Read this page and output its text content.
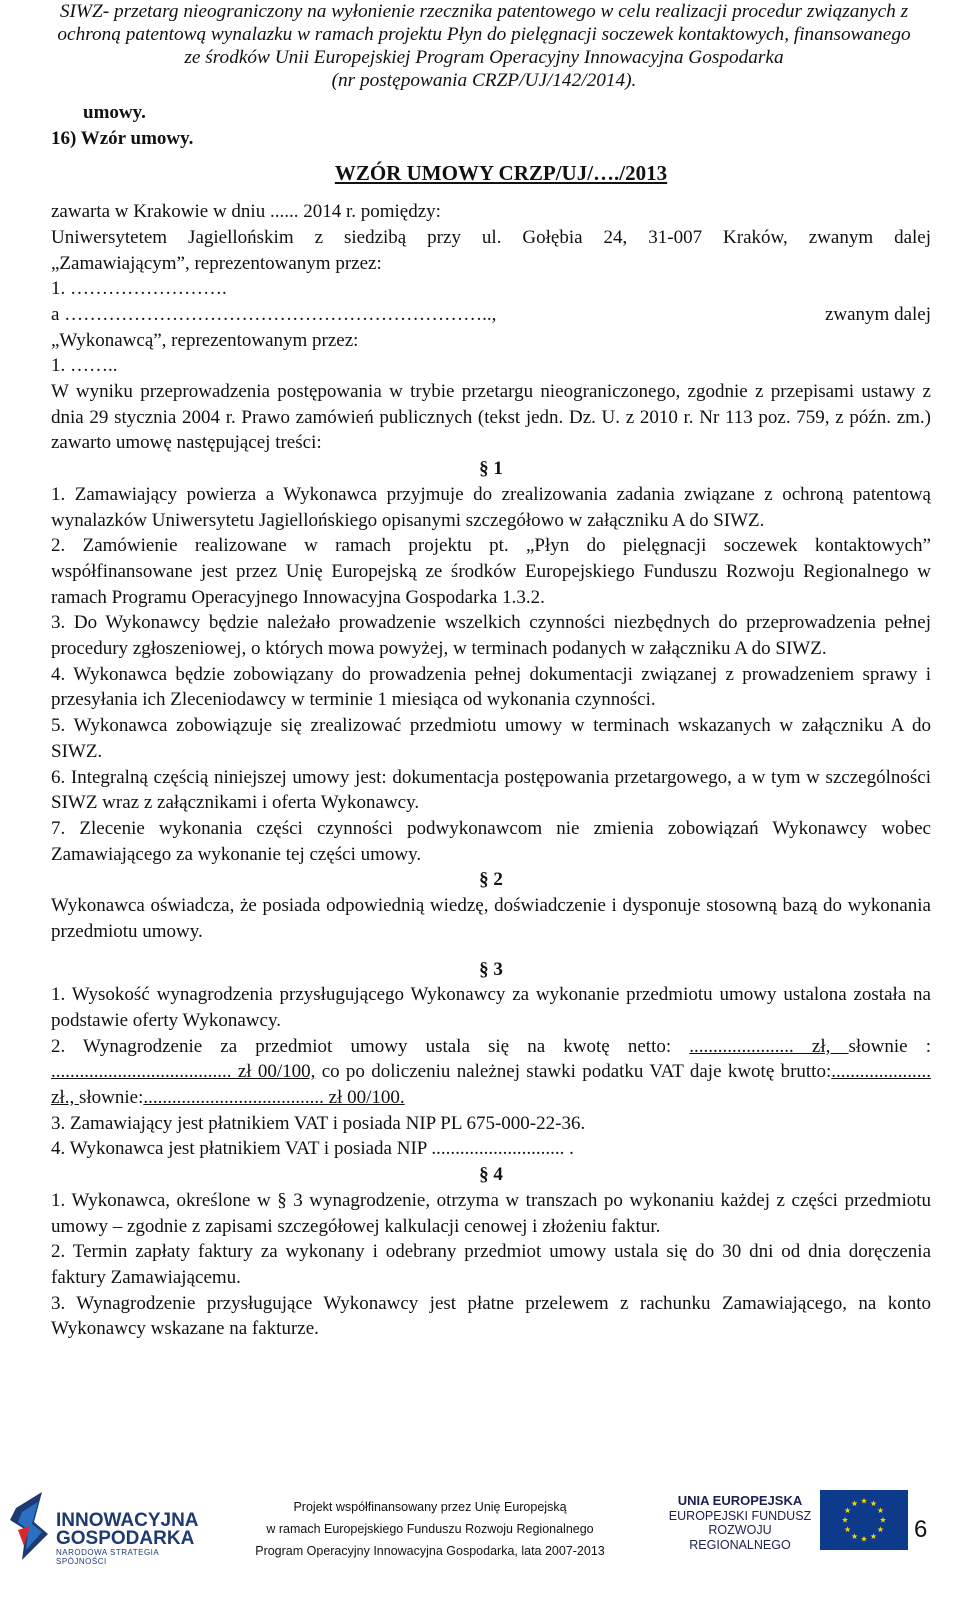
SIWZ- przetarg nieograniczony na wyłonienie rzecznika patentowego w celu realizacji procedur związanych z
ochroną patentową wynalazku w ramach projektu Płyn do pielęgnacji soczewek kontaktowych, finansowanego
ze środków Unii Europejskiej Program Operacyjny Innowacyjna Gospodarka
(nr postępowania CRZP/UJ/142/2014).

umowy.

16) Wzór umowy.

WZÓR UMOWY CRZP/UJ/…./2013

zawarta w Krakowie w dniu ...... 2014 r. pomiędzy:

Uniwersytetem Jagiellońskim z siedzibą przy ul. Gołębia 24, 31-007 Kraków, zwanym dalej

„Zamawiającym”, reprezentowanym przez:

1. …………………….

a …………………………………………………………..,	zwanym dalej

„Wykonawcą”, reprezentowanym przez:

1. ……..

W wyniku przeprowadzenia postępowania w trybie przetargu nieograniczonego, zgodnie z przepisami ustawy z dnia 29 stycznia 2004 r. Prawo zamówień publicznych (tekst jedn. Dz. U. z 2010 r. Nr 113 poz. 759, z późn. zm.) zawarto umowę następującej treści:

§ 1

1. Zamawiający powierza a Wykonawca przyjmuje do zrealizowania zadania związane z ochroną patentową wynalazków Uniwersytetu Jagiellońskiego opisanymi szczegółowo w załączniku A do SIWZ.

2. Zamówienie realizowane w ramach projektu pt. „Płyn do pielęgnacji soczewek kontaktowych” współfinansowane jest przez Unię Europejską ze środków Europejskiego Funduszu Rozwoju Regionalnego w ramach Programu Operacyjnego Innowacyjna Gospodarka 1.3.2.

3. Do Wykonawcy będzie należało prowadzenie wszelkich czynności niezbędnych do przeprowadzenia pełnej procedury zgłoszeniowej, o których mowa powyżej, w terminach podanych w załączniku A do SIWZ.

4. Wykonawca będzie zobowiązany do prowadzenia pełnej dokumentacji związanej z prowadzeniem sprawy i przesyłania ich Zleceniodawcy w terminie 1 miesiąca od wykonania czynności.

5. Wykonawca zobowiązuje się zrealizować przedmiotu umowy w terminach wskazanych w załączniku A do SIWZ.

6. Integralną częścią niniejszej umowy jest: dokumentacja postępowania przetargowego, a w tym w szczególności SIWZ wraz z załącznikami i oferta Wykonawcy.

7. Zlecenie wykonania części czynności podwykonawcom nie zmienia zobowiązań Wykonawcy wobec Zamawiającego za wykonanie tej części umowy.

§ 2

Wykonawca oświadcza, że posiada odpowiednią wiedzę, doświadczenie i dysponuje stosowną bazą do wykonania przedmiotu umowy.

§ 3

1. Wysokość wynagrodzenia przysługującego Wykonawcy za wykonanie przedmiotu umowy ustalona została na podstawie oferty Wykonawcy.

2. Wynagrodzenie za przedmiot umowy ustala się na kwotę netto: ...................... zł, słownie : ...................................... zł 00/100, co po doliczeniu należnej stawki podatku VAT daje kwotę brutto:..................... zł., słownie:...................................... zł 00/100.

3. Zamawiający jest płatnikiem VAT i posiada NIP PL 675-000-22-36.

4. Wykonawca jest płatnikiem VAT i posiada NIP ............................ .

§ 4

1. Wykonawca, określone w § 3 wynagrodzenie, otrzyma w transzach po wykonaniu każdej z części przedmiotu umowy – zgodnie z zapisami szczegółowej kalkulacji cenowej i złożeniu faktur.

2. Termin zapłaty faktury za wykonany i odebrany przedmiot umowy ustala się do 30 dni od dnia doręczenia faktury Zamawiającemu.

3. Wynagrodzenie przysługujące Wykonawcy jest płatne przelewem z rachunku Zamawiającego, na konto Wykonawcy wskazane na fakturze.

INNOWACYJNA
GOSPODARKA
NARODOWA STRATEGIA SPÓJNOŚCI
Projekt współfinansowany przez Unię Europejską
w ramach Europejskiego Funduszu Rozwoju Regionalnego
Program Operacyjny Innowacyjna Gospodarka, lata 2007-2013
UNIA EUROPEJSKA
EUROPEJSKI FUNDUSZ
ROZWOJU REGIONALNEGO
6
